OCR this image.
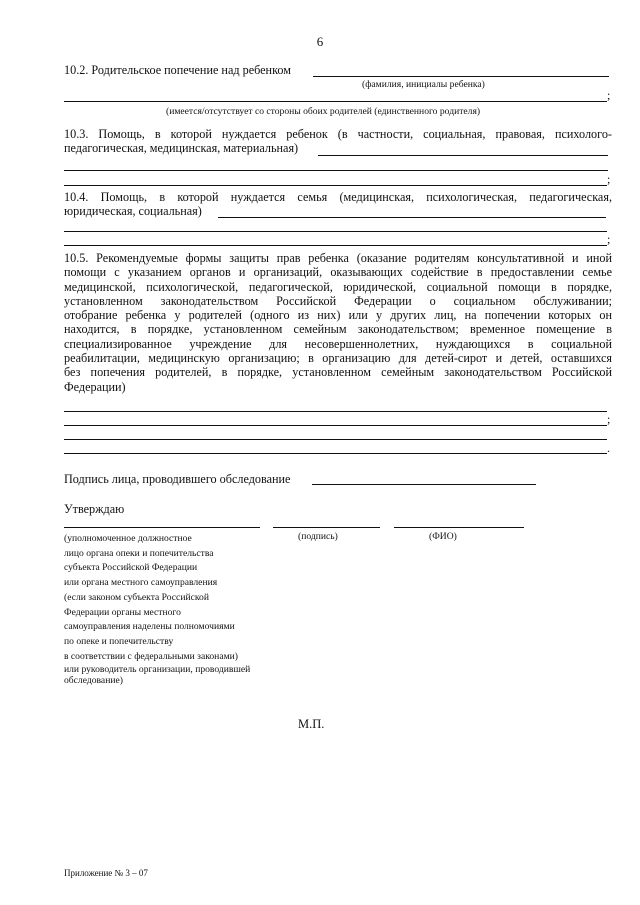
6
10.2. Родительское попечение над ребенком
(фамилия, инициалы ребенка)
;
(имеется/отсутствует со стороны обоих родителей (единственного родителя)
10.3. Помощь, в которой нуждается ребенок (в частности, социальная, правовая, психолого-
педагогическая, медицинская, материальная)
;
10.4. Помощь, в которой нуждается семья (медицинская, психологическая, педагогическая,
юридическая, социальная)
;
10.5. Рекомендуемые формы защиты прав ребенка (оказание родителям консультативной и иной
помощи с указанием органов и организаций, оказывающих содействие в предоставлении семье
медицинской, психологической, педагогической, юридической, социальной помощи в порядке,
установленном законодательством Российской Федерации о социальном обслуживании;
отобрание ребенка у родителей (одного из них) или у других лиц, на попечении которых он
находится, в порядке, установленном семейным законодательством; временное помещение в
специализированное учреждение для несовершеннолетних, нуждающихся в социальной
реабилитации, медицинскую организацию; в организацию для детей-сирот и детей, оставшихся
без попечения родителей, в порядке, установленном семейным законодательством Российской
Федерации)
;
.
Подпись лица, проводившего обследование
Утверждаю
(подпись)	(ФИО)
(уполномоченное должностное
лицо органа опеки и попечительства
субъекта Российской Федерации
или органа местного самоуправления
(если законом субъекта Российской
Федерации органы местного
самоуправления наделены полномочиями
по опеке и попечительству
в соответствии с федеральными законами)
или руководитель организации, проводившей
обследование)
М.П.
Приложение № 3 – 07
